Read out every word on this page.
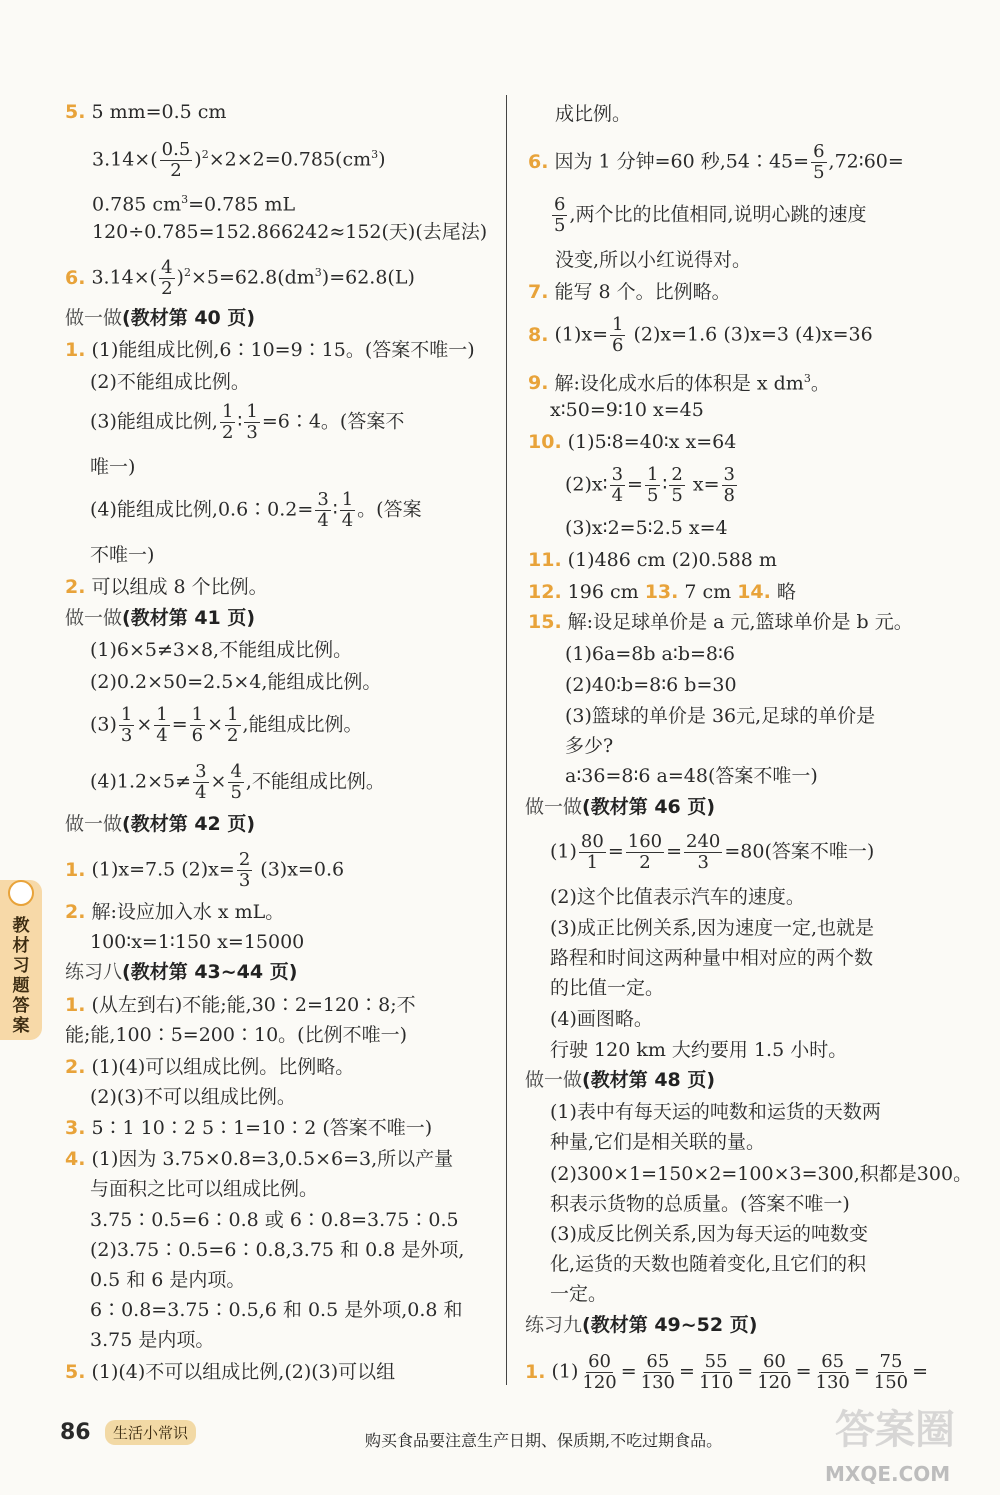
5. 5 mm=0.5 cm
$3.14\times( \frac{0.5}{2} )^2\times 2\times 2=0.785(cm^3)$
0.785 $cm^3=0.785$ mL
120÷0.785=152.866242≈152(天)(去尾法)
6. $3.14\times( \frac{4}{2} )^2\times 5=62.8(dm^3)=62.8(L)$
做一做(教材第 40 页)
1. (1)能组成比例,6∶10=9∶15。(答案不唯一)
(2)不能组成比例。
(3)能组成比例, $\frac{1}{2}$ ∶ $\frac{1}{3}$ =6∶4。(答案不
唯一)
(4)能组成比例,0.6∶0.2= $\frac{3}{4}$ ∶ $\frac{1}{4}$ 。(答案
不唯一)
2. 可以组成 8 个比例。
做一做(教材第 41 页)
(1)6×5≠3×8,不能组成比例。
(2)0.2×50=2.5×4,能组成比例。
$(3) \frac{1}{3} \times \frac{1}{4} = \frac{1}{6} \times \frac{1}{2}$ ,能组成比例。
$(4)1.2\times 5\ne \frac{3}{4} \times \frac{4}{5}$ ,不能组成比例。
做一做(教材第 42 页)
1. (1)x=7.5 $(2)x= \frac{2}{3} (3)x=0.6$
2. 解:设应加入水 x mL。
100∶x=1∶150 x=15000
练习八(教材第 43~44 页)
1. (从左到右)不能;能,30∶2=120∶8;不
能;能,100∶5=200∶10。(比例不唯一)
2. (1)(4)可以组成比例。比例略。
(2)(3)不可以组成比例。
3. 5∶1 10∶2 5∶1=10∶2 (答案不唯一)
4. (1)因为 3.75×0.8=3,0.5×6=3,所以产量
与面积之比可以组成比例。
3.75∶0.5=6∶0.8 或 6∶0.8=3.75∶0.5
(2)3.75∶0.5=6∶0.8,3.75 和 0.8 是外项,
0.5 和 6 是内项。
6∶0.8=3.75∶0.5,6 和 0.5 是外项,0.8 和
3.75 是内项。
5. (1)(4)不可以组成比例,(2)(3)可以组
成比例。
6. 因为 1 分钟=60 秒,54∶45= $\frac{6}{5}$ ,72∶60=
$\frac{6}{5}$ ,两个比的比值相同,说明心跳的速度
没变,所以小红说得对。
7. 能写 8 个。比例略。
8. $(1)x= \frac{1}{6} (2)x=1.6$ (3)x=3 (4)x=36
9. 解:设化成水后的体积是 x $dm^3$。
x∶50=9∶10 x=45
10. (1)5∶8=40∶x x=64
(2)x∶ $\frac{3}{4} = \frac{1}{5}$ ∶ $\frac{2}{5} x= \frac{3}{8}$
(3)x∶2=5∶2.5 x=4
11. (1)486 cm (2)0.588 m
12. 196 cm 13. 7 cm 14. 略
15. 解:设足球单价是 a 元,篮球单价是 b 元。
(1)6a=8b a∶b=8∶6
(2)40∶b=8∶6 b=30
(3)篮球的单价是 36元,足球的单价是
多少?
a∶36=8∶6 a=48(答案不唯一)
做一做(教材第 46 页)
$(1) \frac{80}{1} = \frac{160}{2} = \frac{240}{3} =80$(答案不唯一)
(2)这个比值表示汽车的速度。
(3)成正比例关系,因为速度一定,也就是
路程和时间这两种量中相对应的两个数
的比值一定。
(4)画图略。
行驶 120 km 大约要用 1.5 小时。
做一做(教材第 48 页)
(1)表中有每天运的吨数和运货的天数两
种量,它们是相关联的量。
(2)300×1=150×2=100×3=300,积都是300。
积表示货物的总质量。(答案不唯一)
(3)成反比例关系,因为每天运的吨数变
化,运货的天数也随着变化,且它们的积
一定。
练习九(教材第 49~52 页)
1. $(1) \frac{60}{120} = \frac{65}{130} = \frac{55}{110} = \frac{60}{120} = \frac{65}{130} = \frac{75}{150}$ =
教材习题答案
86	生活小常识	购买食品要注意生产日期、保质期,不吃过期食品。	答案圈
MXQE.COM
